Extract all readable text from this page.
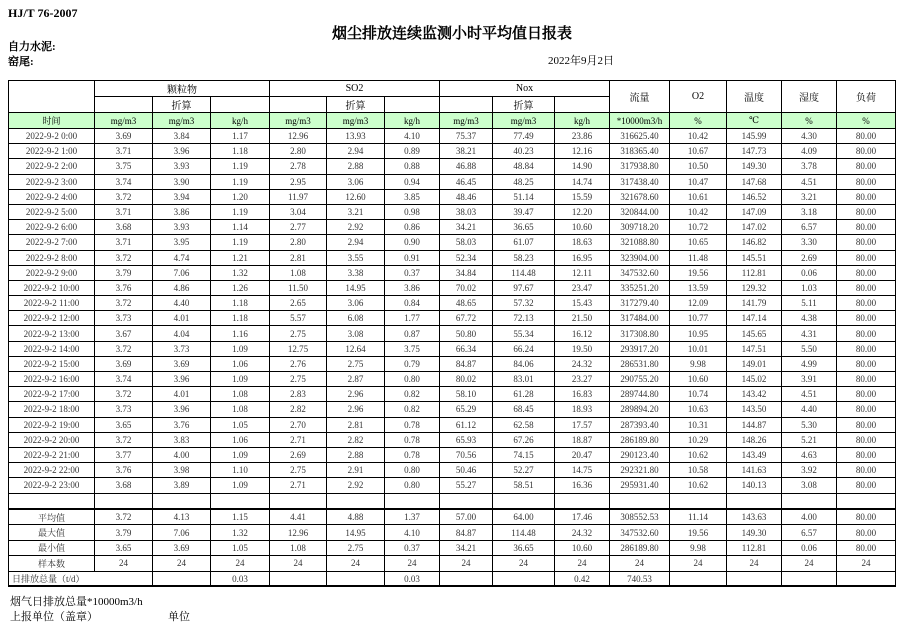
HJ/T 76-2007
烟尘排放连续监测小时平均值日报表
自力水泥:
窑尾:	2022年9月2日
	颗粒物			SO2			Nox			流量	O2	温度	湿度	负荷
		折算			折算			折算						
时间	mg/m3	mg/m3	kg/h	mg/m3	mg/m3	kg/h	mg/m3	mg/m3	kg/h	*10000m3/h	%	℃	%	%
2022-9-2 0:00	3.69	3.84	1.17	12.96	13.93	4.10	75.37	77.49	23.86	316625.40	10.42	145.99	4.30	80.00
2022-9-2 1:00	3.71	3.96	1.18	2.80	2.94	0.89	38.21	40.23	12.16	318365.40	10.67	147.73	4.09	80.00
2022-9-2 2:00	3.75	3.93	1.19	2.78	2.88	0.88	46.88	48.84	14.90	317938.80	10.50	149.30	3.78	80.00
2022-9-2 3:00	3.74	3.90	1.19	2.95	3.06	0.94	46.45	48.25	14.74	317438.40	10.47	147.68	4.51	80.00
2022-9-2 4:00	3.72	3.94	1.20	11.97	12.60	3.85	48.46	51.14	15.59	321678.60	10.61	146.52	3.21	80.00
2022-9-2 5:00	3.71	3.86	1.19	3.04	3.21	0.98	38.03	39.47	12.20	320844.00	10.42	147.09	3.18	80.00
2022-9-2 6:00	3.68	3.93	1.14	2.77	2.92	0.86	34.21	36.65	10.60	309718.20	10.72	147.02	6.57	80.00
2022-9-2 7:00	3.71	3.95	1.19	2.80	2.94	0.90	58.03	61.07	18.63	321088.80	10.65	146.82	3.30	80.00
2022-9-2 8:00	3.72	4.74	1.21	2.81	3.55	0.91	52.34	58.23	16.95	323904.00	11.48	145.51	2.69	80.00
2022-9-2 9:00	3.79	7.06	1.32	1.08	3.38	0.37	34.84	114.48	12.11	347532.60	19.56	112.81	0.06	80.00
2022-9-2 10:00	3.76	4.86	1.26	11.50	14.95	3.86	70.02	97.67	23.47	335251.20	13.59	129.32	1.03	80.00
2022-9-2 11:00	3.72	4.40	1.18	2.65	3.06	0.84	48.65	57.32	15.43	317279.40	12.09	141.79	5.11	80.00
2022-9-2 12:00	3.73	4.01	1.18	5.57	6.08	1.77	67.72	72.13	21.50	317484.00	10.77	147.14	4.38	80.00
2022-9-2 13:00	3.67	4.04	1.16	2.75	3.08	0.87	50.80	55.34	16.12	317308.80	10.95	145.65	4.31	80.00
2022-9-2 14:00	3.72	3.73	1.09	12.75	12.64	3.75	66.34	66.24	19.50	293917.20	10.01	147.51	5.50	80.00
2022-9-2 15:00	3.69	3.69	1.06	2.76	2.75	0.79	84.87	84.06	24.32	286531.80	9.98	149.01	4.99	80.00
2022-9-2 16:00	3.74	3.96	1.09	2.75	2.87	0.80	80.02	83.01	23.27	290755.20	10.60	145.02	3.91	80.00
2022-9-2 17:00	3.72	4.01	1.08	2.83	2.96	0.82	58.10	61.28	16.83	289744.80	10.74	143.42	4.51	80.00
2022-9-2 18:00	3.73	3.96	1.08	2.82	2.96	0.82	65.29	68.45	18.93	289894.20	10.63	143.50	4.40	80.00
2022-9-2 19:00	3.65	3.76	1.05	2.70	2.81	0.78	61.12	62.58	17.57	287393.40	10.31	144.87	5.30	80.00
2022-9-2 20:00	3.72	3.83	1.06	2.71	2.82	0.78	65.93	67.26	18.87	286189.80	10.29	148.26	5.21	80.00
2022-9-2 21:00	3.77	4.00	1.09	2.69	2.88	0.78	70.56	74.15	20.47	290123.40	10.62	143.49	4.63	80.00
2022-9-2 22:00	3.76	3.98	1.10	2.75	2.91	0.80	50.46	52.27	14.75	292321.80	10.58	141.63	3.92	80.00
2022-9-2 23:00	3.68	3.89	1.09	2.71	2.92	0.80	55.27	58.51	16.36	295931.40	10.62	140.13	3.08	80.00

平均值	3.72	4.13	1.15	4.41	4.88	1.37	57.00	64.00	17.46	308552.53	11.14	143.63	4.00	80.00
最大值	3.79	7.06	1.32	12.96	14.95	4.10	84.87	114.48	24.32	347532.60	19.56	149.30	6.57	80.00
最小值	3.65	3.69	1.05	1.08	2.75	0.37	34.21	36.65	10.60	286189.80	9.98	112.81	0.06	80.00
样本数	24	24	24	24	24	24	24	24	24	24	24	24	24	24
日排放总量（t/d）			0.03			0.03			0.42	740.53				
烟气日排放总量*10000m3/h
上报单位（盖章）	单位
